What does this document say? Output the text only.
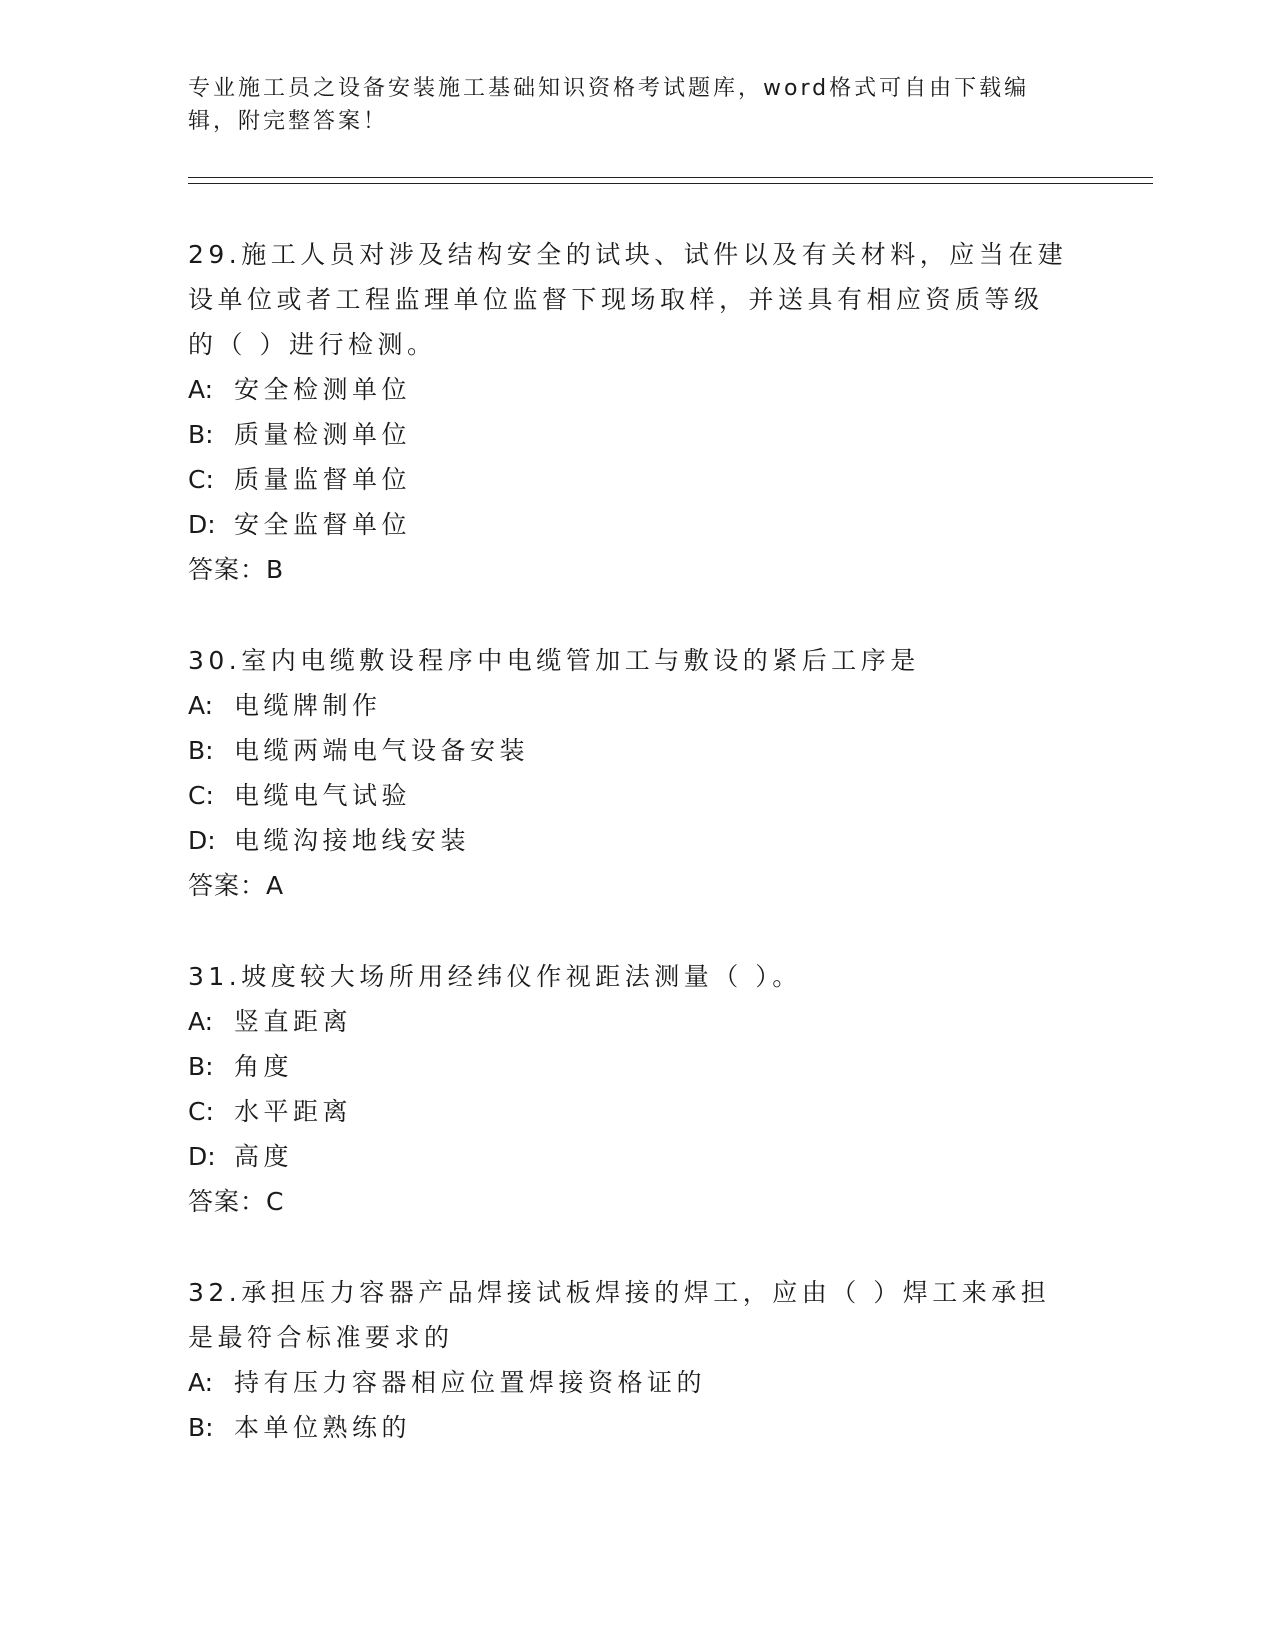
专业施工员之设备安装施工基础知识资格考试题库，word格式可自由下载编辑，附完整答案！
29.施工人员对涉及结构安全的试块、试件以及有关材料，应当在建设单位或者工程监理单位监督下现场取样，并送具有相应资质等级的（ ）进行检测。
A: 安全检测单位
B: 质量检测单位
C: 质量监督单位
D: 安全监督单位
答案：B
30.室内电缆敷设程序中电缆管加工与敷设的紧后工序是
A: 电缆牌制作
B: 电缆两端电气设备安装
C: 电缆电气试验
D: 电缆沟接地线安装
答案：A
31.坡度较大场所用经纬仪作视距法测量（ ）。
A: 竖直距离
B: 角度
C: 水平距离
D: 高度
答案：C
32.承担压力容器产品焊接试板焊接的焊工，应由（ ）焊工来承担是最符合标准要求的
A: 持有压力容器相应位置焊接资格证的
B: 本单位熟练的
